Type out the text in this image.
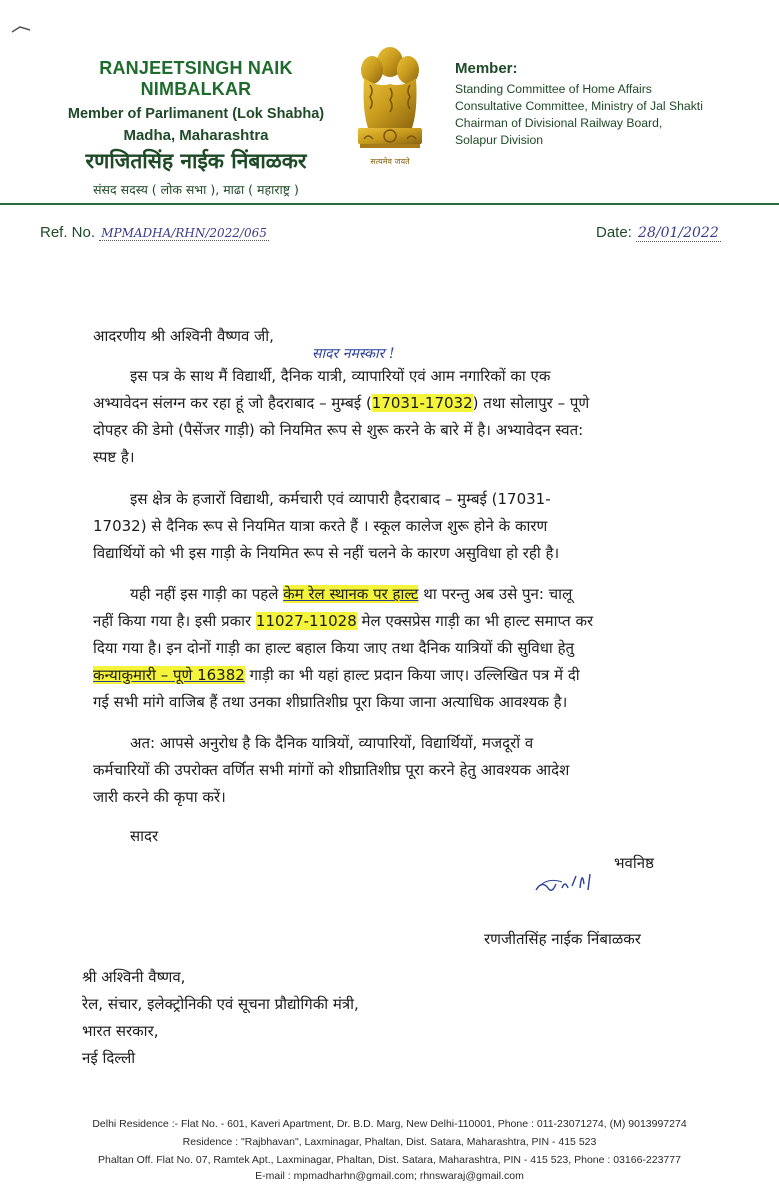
RANJEETSINGH NAIK NIMBALKAR
Member of Parlimanent (Lok Shabha)
Madha, Maharashtra
रणजितसिंह नाईक निंबाळकर
संसद सदस्य ( लोक सभा ), माढा ( महाराष्ट्र )
सत्यमेव जयते
Member:
Standing Committee of Home Affairs
Consultative Committee, Ministry of Jal Shakti
Chairman of Divisional Railway Board,
Solapur Division
Ref. No. MPMADHA/RHN/2022/065	Date: 28/01/2022
आदरणीय श्री अश्विनी वैष्णव जी,
सादर नमस्कार !
इस पत्र के साथ मैं विद्यार्थी, दैनिक यात्री, व्यापारियों एवं आम नगारिकों का एक
अभ्यावेदन संलग्न कर रहा हूं जो हैदराबाद – मुम्बई (17031-17032) तथा सोलापुर – पूणे
दोपहर की डेमो (पैसेंजर गाड़ी) को नियमित रूप से शुरू करने के बारे में है। अभ्यावेदन स्वत:
स्पष्ट है।
इस क्षेत्र के हजारों विद्याथी, कर्मचारी एवं व्यापारी हैदराबाद – मुम्बई (17031-
17032) से दैनिक रूप से नियमित यात्रा करते हैं । स्कूल कालेज शुरू होने के कारण
विद्यार्थियों को भी इस गाड़ी के नियमित रूप से नहीं चलने के कारण असुविधा हो रही है।
यही नहीं इस गाड़ी का पहले केम रेल स्थानक पर हाल्ट था परन्तु अब उसे पुन: चालू
नहीं किया गया है। इसी प्रकार 11027-11028 मेल एक्सप्रेस गाड़ी का भी हाल्ट समाप्त कर
दिया गया है। इन दोनों गाड़ी का हाल्ट बहाल किया जाए तथा दैनिक यात्रियों की सुविधा हेतु
कन्याकुमारी – पूणे 16382 गाड़ी का भी यहां हाल्ट प्रदान किया जाए। उल्लिखित पत्र में दी
गई सभी मांगे वाजिब हैं तथा उनका शीघ्रातिशीघ्र पूरा किया जाना अत्याधिक आवश्यक है।
अत: आपसे अनुरोध है कि दैनिक यात्रियों, व्यापारियों, विद्यार्थियों, मजदूरों व
कर्मचारियों की उपरोक्त वर्णित सभी मांगों को शीघ्रातिशीघ्र पूरा करने हेतु आवश्यक आदेश
जारी करने की कृपा करें।
सादर
भवनिष्ठ
रणजीतसिंह नाईक निंबाळकर
श्री अश्विनी वैष्णव,
रेल, संचार, इलेक्ट्रोनिकी एवं सूचना प्रौद्योगिकी मंत्री,
भारत सरकार,
नई दिल्ली
Delhi Residence :- Flat No. - 601, Kaveri Apartment, Dr. B.D. Marg, New Delhi-110001, Phone : 011-23071274, (M) 9013997274
Residence : "Rajbhavan", Laxminagar, Phaltan, Dist. Satara, Maharashtra, PIN - 415 523
Phaltan Off. Flat No. 07, Ramtek Apt., Laxminagar, Phaltan, Dist. Satara, Maharashtra, PIN - 415 523, Phone : 03166-223777
E-mail : mpmadharhn@gmail.com; rhnswaraj@gmail.com
